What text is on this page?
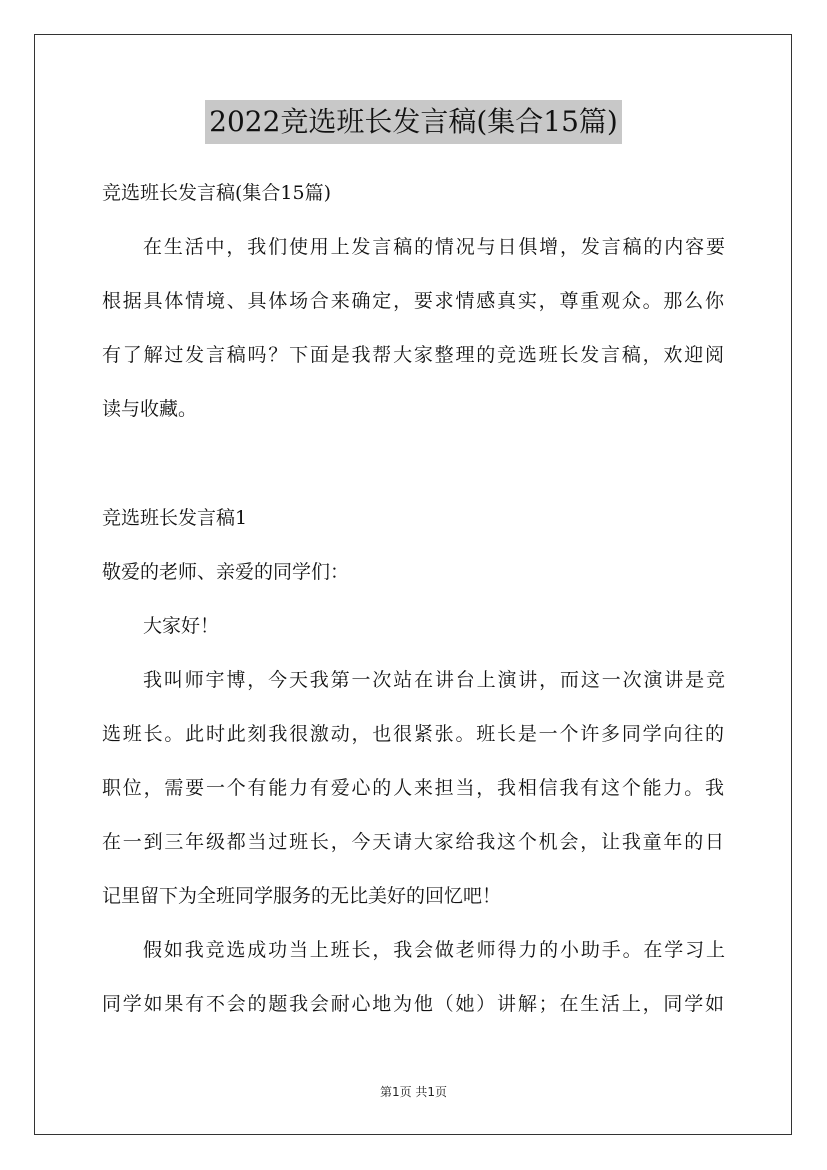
2022竞选班长发言稿(集合15篇)
竞选班长发言稿(集合15篇)
在生活中，我们使用上发言稿的情况与日俱增，发言稿的内容要
根据具体情境、具体场合来确定，要求情感真实，尊重观众。那么你
有了解过发言稿吗？下面是我帮大家整理的竞选班长发言稿，欢迎阅
读与收藏。
竞选班长发言稿1
敬爱的老师、亲爱的同学们：
大家好！
我叫师宇博，今天我第一次站在讲台上演讲，而这一次演讲是竞
选班长。此时此刻我很激动，也很紧张。班长是一个许多同学向往的
职位，需要一个有能力有爱心的人来担当，我相信我有这个能力。我
在一到三年级都当过班长，今天请大家给我这个机会，让我童年的日
记里留下为全班同学服务的无比美好的回忆吧！
假如我竞选成功当上班长，我会做老师得力的小助手。在学习上
同学如果有不会的题我会耐心地为他（她）讲解；在生活上，同学如
第1页 共1页
